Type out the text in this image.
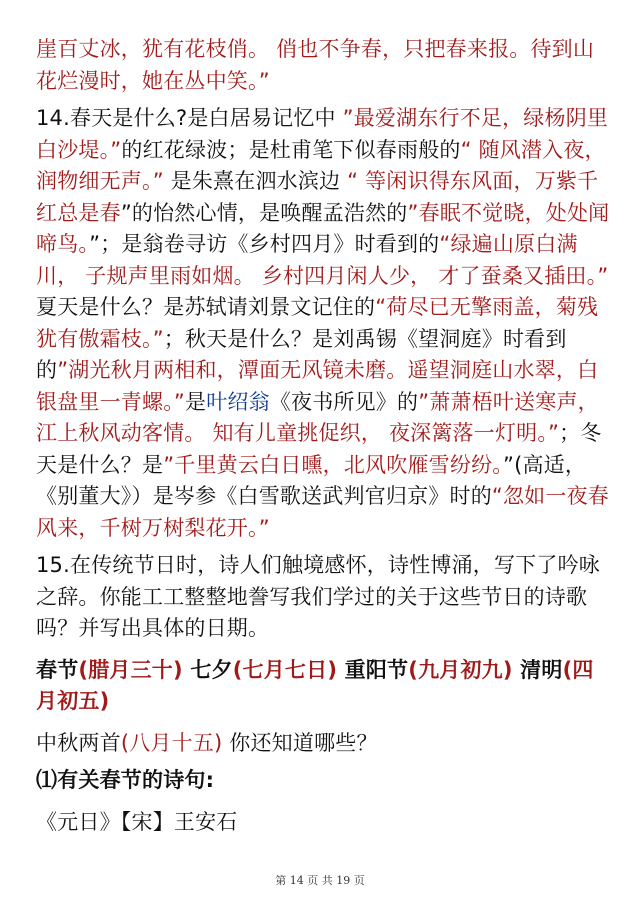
崖百丈冰，犹有花枝俏。 俏也不争春，只把春来报。待到山花烂漫时，她在丛中笑。”

14.春天是什么?是白居易记忆中 ”最爱湖东行不足，绿杨阴里白沙堤。”的红花绿波；是杜甫笔下似春雨般的“ 随风潜入夜，润物细无声。” 是朱熹在泗水滨边 “ 等闲识得东风面，万紫千红总是春”的怡然心情，是唤醒孟浩然的”春眠不觉晓，处处闻啼鸟。”；是翁卷寻访《乡村四月》时看到的“绿遍山原白满川， 子规声里雨如烟。 乡村四月闲人少， 才了蚕桑又插田。” 夏天是什么？是苏轼请刘景文记住的“荷尽已无擎雨盖，菊残犹有傲霜枝。”；秋天是什么？是刘禹锡《望洞庭》时看到的”湖光秋月两相和，潭面无风镜未磨。遥望洞庭山水翠，白银盘里一青螺。”是叶绍翁《夜书所见》的”萧萧梧叶送寒声， 江上秋风动客情。 知有儿童挑促织， 夜深篱落一灯明。”；冬天是什么？是”千里黄云白日曛，北风吹雁雪纷纷。”(高适，《别董大》）是岑参《白雪歌送武判官归京》时的“忽如一夜春风来，千树万树梨花开。”

15.在传统节日时，诗人们触境感怀，诗性博涌，写下了吟咏之辞。你能工工整整地誊写我们学过的关于这些节日的诗歌吗？并写出具体的日期。

春节(腊月三十) 七夕(七月七日) 重阳节(九月初九) 清明(四月初五)

中秋两首(八月十五) 你还知道哪些？

⑴有关春节的诗句:

《元日》【宋】王安石

第 14 页 共 19 页
